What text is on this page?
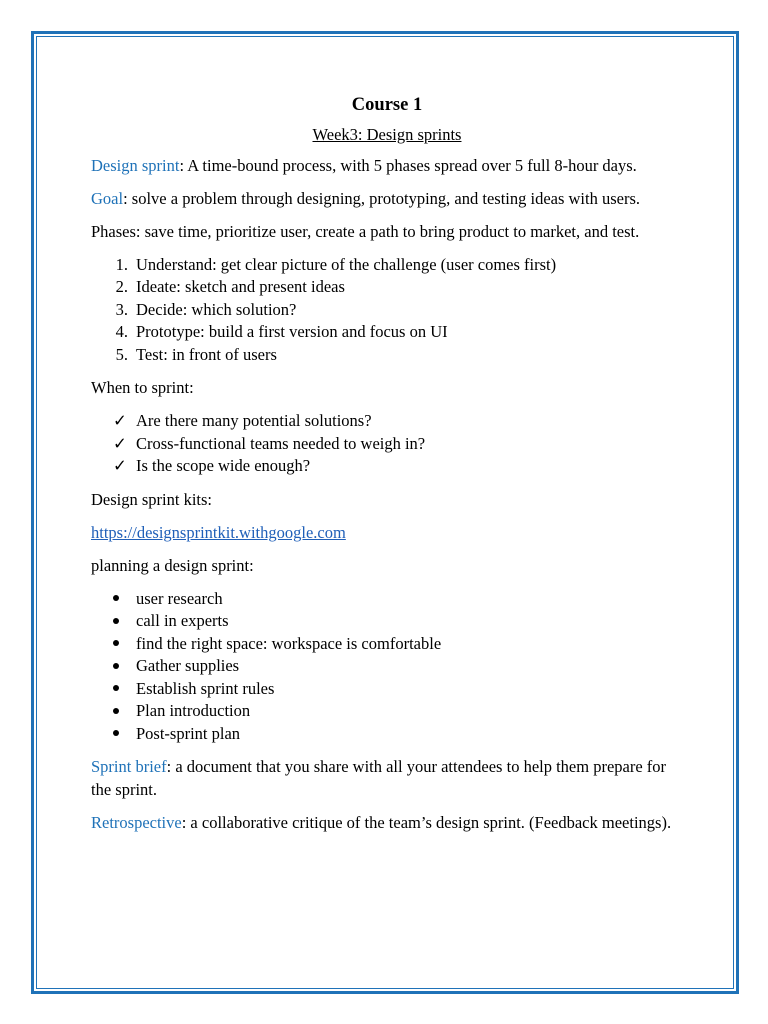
Course 1
Week3: Design sprints

Design sprint: A time-bound process, with 5 phases spread over 5 full 8-hour days.

Goal: solve a problem through designing, prototyping, and testing ideas with users.

Phases: save time, prioritize user, create a path to bring product to market, and test.

1. Understand: get clear picture of the challenge (user comes first)
2. Ideate: sketch and present ideas
3. Decide: which solution?
4. Prototype: build a first version and focus on UI
5. Test: in front of users

When to sprint:

✓ Are there many potential solutions?
✓ Cross-functional teams needed to weigh in?
✓ Is the scope wide enough?

Design sprint kits:

https://designsprintkit.withgoogle.com

planning a design sprint:

user research
call in experts
find the right space: workspace is comfortable
Gather supplies
Establish sprint rules
Plan introduction
Post-sprint plan

Sprint brief: a document that you share with all your attendees to help them prepare for the sprint.

Retrospective: a collaborative critique of the team’s design sprint. (Feedback meetings).
